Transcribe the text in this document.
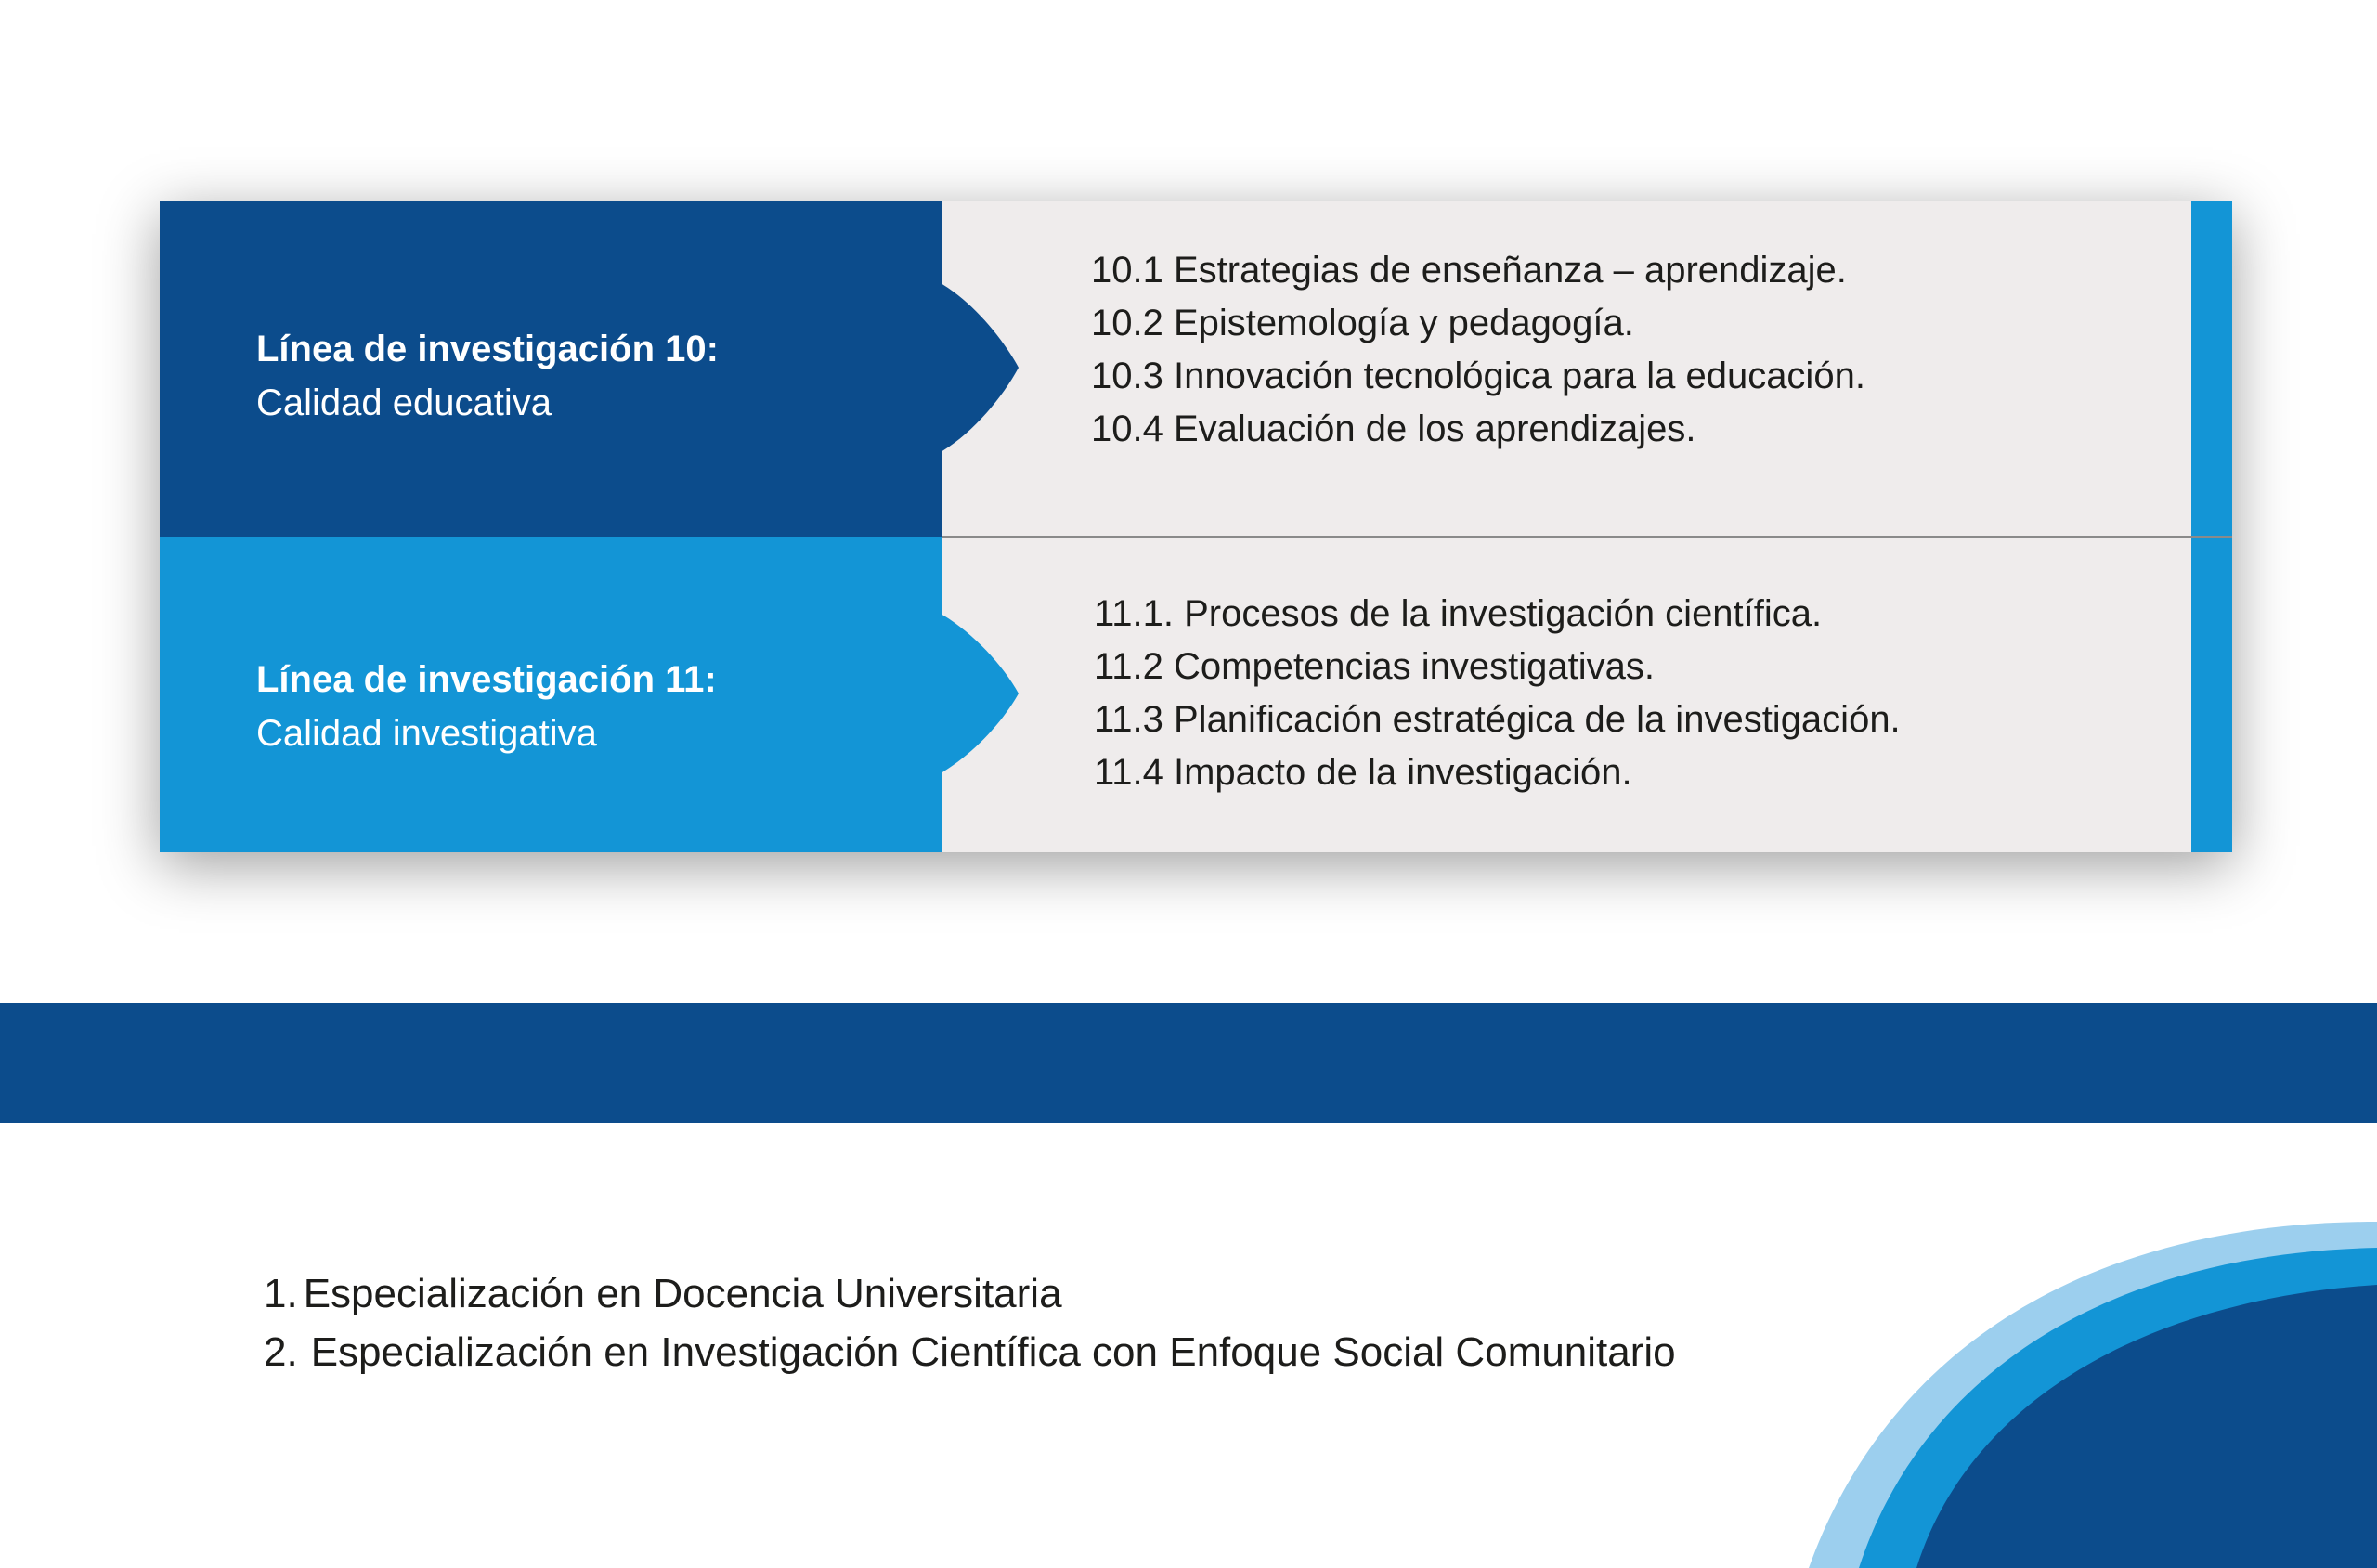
Línea de investigación 10:
Calidad educativa
10.1 Estrategias de enseñanza – aprendizaje.
10.2 Epistemología y pedagogía.
10.3 Innovación tecnológica para la educación.
10.4 Evaluación de los aprendizajes.
Línea de investigación 11:
Calidad investigativa
11.1. Procesos de la investigación científica.
11.2 Competencias investigativas.
11.3 Planificación estratégica de la investigación.
11.4 Impacto de la investigación.
1. Especialización en Docencia Universitaria
2. Especialización en Investigación Científica con Enfoque Social Comunitario
